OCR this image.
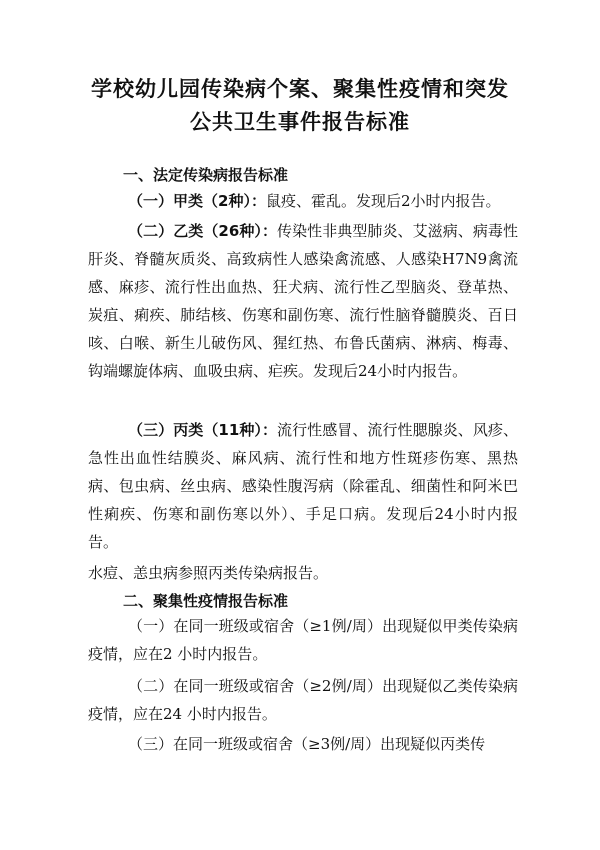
学校幼儿园传染病个案、聚集性疫情和突发
公共卫生事件报告标准
一、法定传染病报告标准

（一）甲类（2种）：鼠疫、霍乱。发现后2小时内报告。

（二）乙类（26种）：传染性非典型肺炎、艾滋病、病毒性肝炎、脊髓灰质炎、高致病性人感染禽流感、人感染H7N9禽流感、麻疹、流行性出血热、狂犬病、流行性乙型脑炎、登革热、炭疽、痢疾、肺结核、伤寒和副伤寒、流行性脑脊髓膜炎、百日咳、白喉、新生儿破伤风、猩红热、布鲁氏菌病、淋病、梅毒、钩端螺旋体病、血吸虫病、疟疾。发现后24小时内报告。

（三）丙类（11种）：流行性感冒、流行性腮腺炎、风疹、急性出血性结膜炎、麻风病、流行性和地方性斑疹伤寒、黑热病、包虫病、丝虫病、感染性腹泻病（除霍乱、细菌性和阿米巴性痢疾、伤寒和副伤寒以外）、手足口病。发现后24小时内报告。

水痘、恙虫病参照丙类传染病报告。

二、聚集性疫情报告标准

（一）在同一班级或宿舍（≥1例/周）出现疑似甲类传染病疫情，应在2 小时内报告。

（二）在同一班级或宿舍（≥2例/周）出现疑似乙类传染病疫情，应在24 小时内报告。

（三）在同一班级或宿舍（≥3例/周）出现疑似丙类传
